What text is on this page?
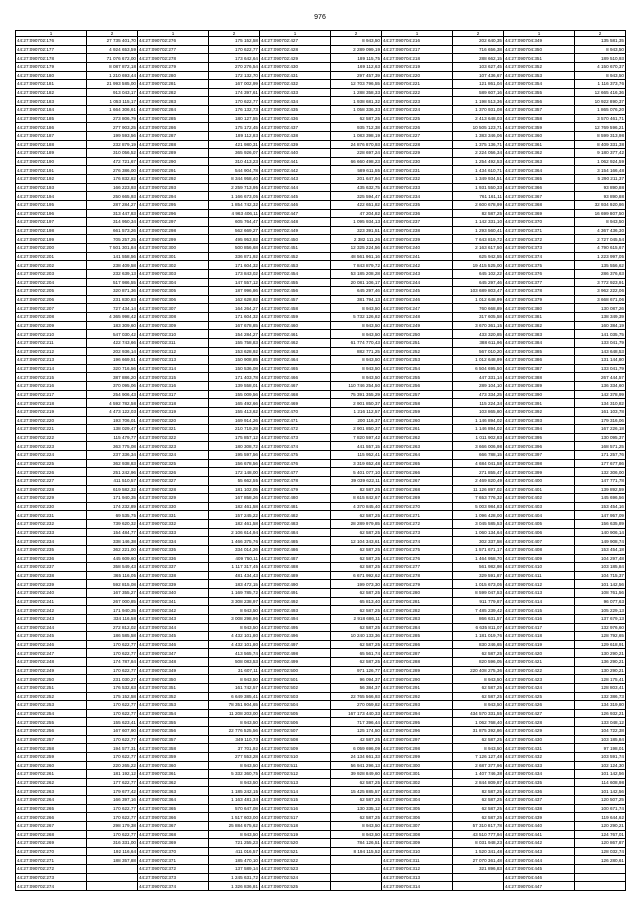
976
1	2	1	2	1	2	1	2	1	2
44:27:090702:176	27 735 401,70	44:27:090702:276	175 152,58	44:27:090702:427	8 943,50	44:27:090704:216	202 640,35	44:27:090704:349	135 581,35
44:27:090702:177	4 924 653,59	44:27:090702:277	170 622,77	44:27:090702:428	2 289 099,19	44:27:090704:217	716 656,38	44:27:090704:350	8 943,50
44:27:090702:178	71 076 672,00	44:27:090702:278	173 642,64	44:27:090702:429	189 115,75	44:27:090704:218	288 662,15	44:27:090704:351	189 510,93
44:27:090702:179	8 087 872,18	44:27:090702:279	270 276,54	44:27:090702:430	169 112,63	44:27:090704:219	103 627,45	44:27:090704:352	4 150 670,37
44:27:090702:180	1 210 693,44	44:27:090702:280	172 132,70	44:27:090702:431	297 457,39	44:27:090704:220	107 436,67	44:27:090704:353	8 943,50
44:27:090702:181	21 993 585,00	44:27:090702:281	167 002,99	44:27:090702:432	12 703 796,55	44:27:090704:221	121 861,04	44:27:090704:354	1 116 373,76
44:27:090702:182	913 043,17	44:27:090702:282	174 397,61	44:27:090702:433	1 288 358,33	44:27:090704:222	589 607,16	44:27:090704:355	12 665 416,36
44:27:090702:183	1 053 115,17	44:27:090702:283	170 622,77	44:27:090702:434	1 938 681,32	44:27:090704:223	1 198 513,36	44:27:090704:356	10 922 890,37
44:27:090702:184	1 664 306,61	44:27:090702:284	176 132,73	44:27:090702:435	1 058 336,33	44:27:090704:224	1 370 931,08	44:27:090704:357	1 865 076,20
44:27:090702:185	273 806,79	44:27:090702:285	180 127,55	44:27:090702:436	62 587,25	44:27:090704:225	2 413 648,03	44:27:090704:358	3 570 461,71
44:27:090702:186	277 903,25	44:27:090702:286	175 172,45	44:27:090702:437	935 712,38	44:27:090704:226	10 505 123,71	44:27:090704:359	12 769 596,21
44:27:090702:187	199 593,56	44:27:090702:287	189 112,83	44:27:090702:438	1 083 398,19	44:27:090704:227	1 383 346,06	44:27:090704:360	8 599 313,98
44:27:090702:188	232 879,19	44:27:090702:288	421 980,31	44:27:090702:439	24 876 870,93	44:27:090704:228	1 375 136,71	44:27:090704:361	8 409 331,38
44:27:090702:189	310 056,52	44:27:090702:289	365 926,07	44:27:090702:440	228 697,24	44:27:090704:229	2 224 056,34	44:27:090704:362	9 180 377,42
44:27:090702:190	472 721,67	44:27:090702:290	310 413,23	44:27:090702:441	66 660 498,23	44:27:090704:230	1 254 492,53	44:27:090704:363	1 062 924,59
44:27:090702:191	276 386,00	44:27:090702:291	544 904,78	44:27:090702:442	589 611,55	44:27:090704:231	1 434 610,71	44:27:090704:364	3 154 166,48
44:27:090702:192	176 832,82	44:27:090702:292	8 344 958,40	44:27:090702:443	201 647,94	44:27:090704:232	1 349 934,51	44:27:090704:365	5 290 211,37
44:27:090702:193	166 223,93	44:27:090702:293	2 259 713,95	44:27:090702:444	435 632,75	44:27:090704:233	1 931 550,33	44:27:090704:366	93 890,88
44:27:090702:194	250 665,93	44:27:090702:294	1 166 673,05	44:27:090702:445	325 594,47	44:27:090704:234	761 161,11	44:27:090704:367	93 890,88
44:27:090702:195	287 284,27	44:27:090702:295	1 854 742,32	44:27:090702:446	422 651,82	44:27:090704:235	2 600 678,99	44:27:090704:368	32 934 920,86
44:27:090702:196	313 447,83	44:27:090702:296	4 963 406,11	44:27:090702:447	47 204,82	44:27:090704:236	82 587,25	44:27:090704:369	16 699 807,50
44:27:090702:197	314 950,34	44:27:090702:297	605 764,47	44:27:090702:448	1 095 934,13	44:27:090704:237	1 142 331,10	44:27:090704:370	8 943,50
44:27:090702:198	661 573,26	44:27:090702:298	562 669,27	44:27:090702:449	323 391,51	44:27:090704:238	1 293 560,41	44:27:090704:371	4 367 436,30
44:27:090702:199	705 257,25	44:27:090702:299	495 953,92	44:27:090702:450	2 382 111,26	44:27:090704:239	7 643 819,72	44:27:090704:372	2 727 045,54
44:27:090702:200	7 501 301,84	44:27:090702:300	500 856,68	44:27:090702:451	12 325 224,56	44:27:090704:240	2 163 617,50	44:27:090704:373	4 790 615,67
44:27:090702:201	141 558,56	44:27:090702:301	336 871,92	44:27:090702:452	48 561 961,16	44:27:090704:241	625 942,55	44:27:090704:374	1 223 997,05
44:27:090702:202	238 409,58	44:27:090702:302	171 604,32	44:27:090702:453	7 843 879,72	44:27:090704:242	19 415 525,00	44:27:090704:375	135 556,62
44:27:090702:203	232 639,13	44:27:090702:303	173 843,02	44:27:090702:454	53 185 208,28	44:27:090704:243	645 102,22	44:27:090704:376	286 376,63
44:27:090702:204	517 986,55	44:27:090702:304	147 557,12	44:27:090702:455	20 081 106,17	44:27:090704:244	645 297,46	44:27:090704:377	3 772 923,91
44:27:090702:205	320 871,36	44:27:090702:305	187 996,86	44:27:090702:456	645 297,46	44:27:090704:245	103 689 803,47	44:27:090704:378	3 962 222,06
44:27:090702:206	231 830,83	44:27:090702:306	162 628,92	44:27:090702:457	381 794,13	44:27:090704:246	1 012 648,99	44:27:090704:379	3 668 671,06
44:27:090702:207	727 434,14	44:27:090702:307	164 264,27	44:27:090702:458	8 943,50	44:27:090704:247	760 668,89	44:27:090704:380	130 087,26
44:27:090702:208	4 365 998,42	44:27:090702:308	171 604,32	44:27:090702:459	5 732 126,82	44:27:090704:248	317 605,58	44:27:090704:381	138 349,39
44:27:090702:209	183 309,60	44:27:090702:309	167 678,85	44:27:090702:460	8 943,50	44:27:090704:249	3 670 361,15	44:27:090704:382	160 384,19
44:27:090702:210	547 030,42	44:27:090702:310	154 284,27	44:27:090702:461	8 943,50	44:27:090704:250	433 320,85	44:27:090704:383	141 035,75
44:27:090702:211	422 743,66	44:27:090702:311	155 758,83	44:27:090702:462	61 774 770,43	44:27:090704:251	388 611,96	44:27:090704:384	133 041,79
44:27:090702:212	202 936,14	44:27:090702:312	153 628,92	44:27:090702:463	882 771,25	44:27:090704:252	567 010,20	44:27:090704:385	143 648,53
44:27:090702:213	196 669,51	44:27:090702:313	150 908,85	44:27:090702:464	8 943,50	44:27:090704:253	1 012 648,99	44:27:090704:386	131 144,80
44:27:090702:214	320 716,56	44:27:090702:314	150 536,08	44:27:090702:465	8 943,50	44:27:090704:254	6 504 695,50	44:27:090704:387	133 041,79
44:27:090702:215	387 886,20	44:27:090702:315	171 403,78	44:27:090702:466	8 943,50	44:27:090704:255	447 331,14	44:27:090704:388	267 444,57
44:27:090702:216	370 095,06	44:27:090702:316	139 558,01	44:27:090702:467	110 746 254,50	44:27:090704:256	289 104,10	44:27:090704:389	136 334,60
44:27:090702:217	254 906,43	44:27:090702:317	155 009,56	44:27:090702:468	75 391 355,29	44:27:090704:257	473 334,25	44:27:090704:390	142 378,99
44:27:090702:218	4 592 782,58	44:27:090702:318	165 492,66	44:27:090702:469	2 901 850,37	44:27:090704:258	115 224,34	44:27:090704:391	134 310,82
44:27:090702:219	4 473 122,03	44:27:090702:319	155 413,62	44:27:090702:470	1 216 112,57	44:27:090704:259	103 865,80	44:27:090704:392	161 103,78
44:27:090702:220	193 706,01	44:27:090702:320	169 914,26	44:27:090702:471	200 116,37	44:27:090704:260	1 146 894,02	44:27:090704:393	179 316,06
44:27:090702:221	138 029,47	44:27:090702:321	210 719,28	44:27:090702:472	2 901 850,37	44:27:090704:261	1 146 894,02	44:27:090704:394	167 226,18
44:27:090702:222	115 479,77	44:27:090702:322	175 857,12	44:27:090702:473	7 820 597,42	44:27:090704:262	1 011 902,83	44:27:090704:395	130 095,37
44:27:090702:223	363 775,08	44:27:090702:323	180 308,72	44:27:090702:474	441 557,15	44:27:090704:263	3 666 006,98	44:27:090704:396	168 571,25
44:27:090702:224	237 336,34	44:27:090702:324	195 597,56	44:27:090702:475	115 952,41	44:27:090704:264	666 788,15	44:27:090704:397	171 257,76
44:27:090702:225	362 938,83	44:27:090702:325	156 678,56	44:27:090702:476	3 319 652,48	44:27:090704:265	4 684 041,58	44:27:090704:398	177 677,86
44:27:090702:226	251 242,96	44:27:090702:326	172 148,00	44:27:090702:477	5 401 077,10	44:27:090704:266	271 855,47	44:27:090704:399	132 306,00
44:27:090702:227	411 510,57	44:27:090702:327	55 662,55	44:27:090702:478	39 039 622,11	44:27:090704:267	2 469 820,49	44:27:090704:400	147 771,78
44:27:090702:228	619 582,32	44:27:090702:328	181 102,05	44:27:090702:479	82 587,25	44:27:090704:268	11 126 897,02	44:27:090704:401	139 892,59
44:27:090702:229	171 940,35	44:27:090702:329	167 858,26	44:27:090702:480	8 615 842,67	44:27:090704:269	7 653 776,32	44:27:090704:402	145 696,56
44:27:090702:230	174 232,89	44:27:090702:330	182 461,58	44:27:090702:481	4 370 845,40	44:27:090704:270	5 003 984,83	44:27:090704:403	153 454,16
44:27:090702:231	69 535,75	44:27:090702:331	157 245,22	44:27:090702:482	62 587,25	44:27:090704:271	1 096 428,00	44:27:090704:404	147 957,09
44:27:090702:232	739 620,32	44:27:090702:332	182 461,58	44:27:090702:483	28 289 979,85	44:27:090704:272	3 045 585,53	44:27:090704:405	156 635,89
44:27:090702:233	154 484,77	44:27:090702:333	2 106 614,94	44:27:090702:484	62 587,25	44:27:090704:273	1 060 134,64	44:27:090704:406	140 906,14
44:27:090702:234	338 146,38	44:27:090702:334	1 466 375,76	44:27:090702:485	12 104 343,61	44:27:090704:274	302 337,58	44:27:090704:407	149 908,74
44:27:090702:235	362 221,00	44:27:090702:335	334 014,26	44:27:090702:486	62 587,25	44:27:090704:275	1 571 671,17	44:27:090704:408	153 454,18
44:27:090702:236	445 609,60	44:27:090702:336	409 750,11	44:27:090702:487	62 587,25	44:27:090704:276	1 464 958,70	44:27:090704:409	104 297,48
44:27:090702:237	358 549,43	44:27:090702:337	1 117 317,45	44:27:090702:488	62 587,25	44:27:090704:277	561 982,98	44:27:090704:410	103 185,84
44:27:090702:238	365 116,05	44:27:090702:338	481 434,43	44:27:090702:489	6 671 992,62	44:27:090704:278	329 591,87	44:27:090704:411	104 715,37
44:27:090702:239	592 815,08	44:27:090702:339	183 472,15	44:27:090702:490	199 073,30	44:27:090704:279	1 015 673,05	44:27:090704:412	101 142,56
44:27:090702:240	167 355,27	44:27:090702:340	1 169 785,72	44:27:090702:491	62 587,25	44:27:090704:280	8 599 047,53	44:27:090704:413	108 761,56
44:27:090702:241	267 000,85	44:27:090702:341	3 308 238,97	44:27:090702:492	65 813,40	44:27:090704:281	911 779,87	44:27:090704:414	96 077,63
44:27:090702:242	171 940,35	44:27:090702:342	8 943,50	44:27:090702:493	62 587,25	44:27:090704:282	7 485 239,42	44:27:090704:415	105 229,13
44:27:090702:243	334 116,58	44:27:090702:343	3 008 298,96	44:27:090702:494	2 918 686,11	44:27:090704:283	866 631,57	44:27:090704:416	137 679,13
44:27:090702:244	272 812,02	44:27:090702:344	8 943,50	44:27:090702:495	62 587,25	44:27:090704:284	6 635 811,07	44:27:090704:417	132 976,60
44:27:090702:245	186 585,58	44:27:090702:345	4 432 101,80	44:27:090702:496	10 240 133,36	44:27:090704:285	1 181 019,76	44:27:090704:418	128 792,65
44:27:090702:246	170 622,77	44:27:090702:346	4 432 101,80	44:27:090702:497	62 587,25	44:27:090704:286	830 246,65	44:27:090704:419	129 618,91
44:27:090702:247	170 622,77	44:27:090702:347	413 565,74	44:27:090702:498	65 561,74	44:27:090704:287	62 587,25	44:27:090704:420	130 290,21
44:27:090702:248	174 787,84	44:27:090702:348	508 083,53	44:27:090702:499	62 587,25	44:27:090704:288	820 596,05	44:27:090704:421	136 290,21
44:27:090702:249	170 622,77	44:27:090702:349	31 607,11	44:27:090702:500	971 126,77	44:27:090704:289	220 408 275,36	44:27:090704:422	130 290,21
44:27:090702:250	231 030,27	44:27:090702:350	8 943,50	44:27:090702:501	96 094,37	44:27:090704:290	8 943,50	44:27:090704:423	128 175,41
44:27:090702:251	176 532,63	44:27:090702:351	161 742,57	44:27:090702:502	56 384,37	44:27:090704:291	62 587,25	44:27:090704:424	128 803,41
44:27:090702:252	175 152,58	44:27:090702:352	6 649 385,41	44:27:090702:503	22 765 566,93	44:27:090704:292	62 587,25	44:27:090704:425	132 386,73
44:27:090702:253	170 622,77	44:27:090702:353	78 351 904,65	44:27:090702:504	270 059,82	44:27:090704:293	8 943,50	44:27:090704:426	134 319,80
44:27:090702:254	170 622,77	44:27:090702:354	11 208 203,00	44:27:090702:505	167 173 440,33	44:27:090704:294	434 570 331,55	44:27:090704:427	126 932,21
44:27:090702:255	155 623,41	44:27:090702:355	8 943,50	44:27:090702:506	717 396,44	44:27:090704:295	1 062 768,40	44:27:090704:428	133 048,12
44:27:090702:256	167 607,90	44:27:090702:356	22 776 525,56	44:27:090702:507	125 174,50	44:27:090704:296	31 875 392,86	44:27:090704:429	104 722,38
44:27:090702:257	170 622,77	44:27:090702:357	349 110,73	44:27:090702:508	42 587,25	44:27:090704:297	62 587,25	44:27:090704:430	103 185,84
44:27:090702:258	194 577,31	44:27:090702:358	37 701,92	44:27:090702:509	6 059 696,09	44:27:090704:298	8 943,50	44:27:090704:431	97 198,01
44:27:090702:259	170 622,77	44:27:090702:359	277 553,28	44:27:090702:510	24 134 661,33	44:27:090704:299	7 126 127,48	44:27:090704:432	103 591,74
44:27:090702:260	220 265,22	44:27:090702:360	8 943,50	44:27:090702:511	56 941 296,13	44:27:090704:300	2 687 377,96	44:27:090704:433	102 124,30
44:27:090702:261	181 192,12	44:27:090702:361	5 332 360,75	44:27:090702:512	39 928 849,60	44:27:090704:301	1 407 746,38	44:27:090704:434	101 142,56
44:27:090702:262	177 622,77	44:27:090702:362	8 943,50	44:27:090702:513	62 587,25	44:27:090704:302	2 844 809,87	44:27:090704:435	114 608,98
44:27:090702:263	179 677,42	44:27:090702:363	1 185 242,15	44:27:090702:514	15 425 885,57	44:27:090704:303	82 587,25	44:27:090704:436	101 142,56
44:27:090702:264	166 397,16	44:27:090702:364	1 163 481,34	44:27:090702:515	62 587,25	44:27:090704:304	62 587,25	44:27:090704:437	120 507,25
44:27:090702:265	170 622,77	44:27:090702:365	570 647,08	44:27:090702:516	130 335,12	44:27:090704:305	62 587,25	44:27:090704:438	100 671,74
44:27:090702:266	170 622,77	44:27:090702:366	1 517 603,00	44:27:090702:517	62 587,25	44:27:090704:306	62 587,25	44:27:090704:439	119 644,62
44:27:090702:267	298 179,38	44:27:090702:367	25 884 675,62	44:27:090702:518	8 943,50	44:27:090704:307	57 310 817,78	44:27:090704:440	120 290,21
44:27:090702:268	170 622,77	44:27:090702:368	8 943,50	44:27:090702:519	8 943,50	44:27:090704:308	43 510 777,94	44:27:090704:441	124 767,01
44:27:090702:269	316 331,00	44:27:090702:369	721 255,23	44:27:090702:520	784 126,51	44:27:090704:309	8 031 948,23	44:27:090704:442	120 867,87
44:27:090702:270	192 116,64	44:27:090702:370	411 016,57	44:27:090702:521	8 194 115,52	44:27:090704:310	1 520 341,48	44:27:090704:443	128 032,74
44:27:090702:271	188 357,88	44:27:090702:371	185 470,10	44:27:090702:522		44:27:090704:311	27 070 361,48	44:27:090704:444	126 280,61
44:27:090702:272		44:27:090702:372	137 589,14	44:27:090702:523		44:27:090704:312	321 896,83	44:27:090704:445	
44:27:090702:273		44:27:090702:373	1 245 631,72	44:27:090702:524		44:27:090704:313		44:27:090704:446	
44:27:090702:274		44:27:090702:374	1 326 836,81	44:27:090702:525		44:27:090704:314		44:27:090704:447	
